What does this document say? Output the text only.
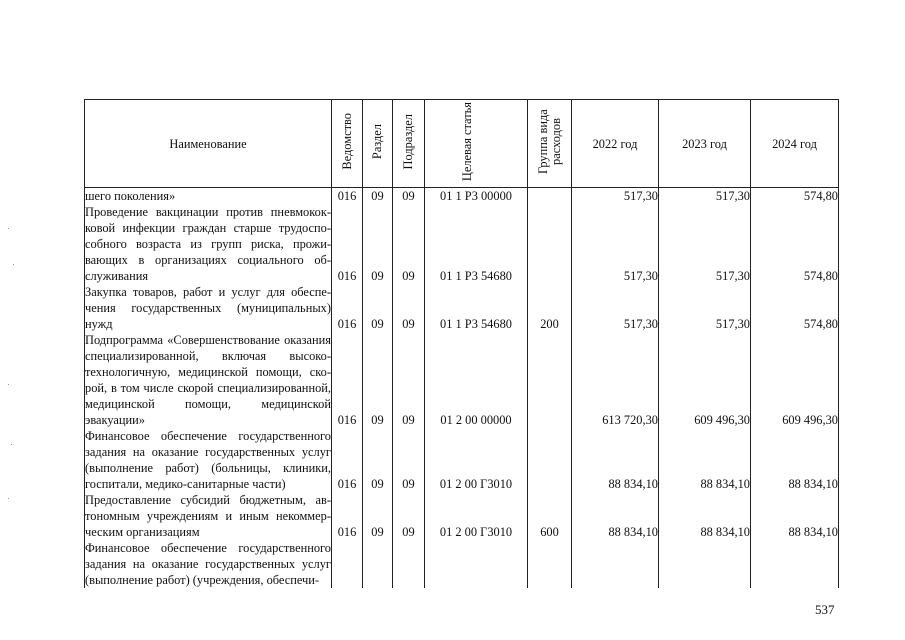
Наименование	Ведомство	Раздел	Подраздел	Целевая статья	Группа вида расходов	2022 год	2023 год	2024 год
шего поколения»	016	09	09	01 1 Р3 00000		517,30	517,30	574,80
Проведение вакцинации против пневмококковой инфекции граждан старше трудоспособного возраста из групп риска, проживающих в организациях социального обслуживания	016	09	09	01 1 Р3 54680		517,30	517,30	574,80
Закупка товаров, работ и услуг для обеспечения государственных (муниципальных) нужд	016	09	09	01 1 Р3 54680	200	517,30	517,30	574,80
Подпрограмма «Совершенствование оказания специализированной, включая высокотехнологичную, медицинской помощи, скорой, в том числе скорой специализированной, медицинской помощи, медицинской эвакуации»	016	09	09	01 2 00 00000		613 720,30	609 496,30	609 496,30
Финансовое обеспечение государственного задания на оказание государственных услуг (выполнение работ) (больницы, клиники, госпитали, медико-санитарные части)	016	09	09	01 2 00 Г3010		88 834,10	88 834,10	88 834,10
Предоставление субсидий бюджетным, автономным учреждениям и иным некоммерческим организациям	016	09	09	01 2 00 Г3010	600	88 834,10	88 834,10	88 834,10
Финансовое обеспечение государственного задания на оказание государственных услуг (выполнение работ) (учреждения, обеспечи-								
537
